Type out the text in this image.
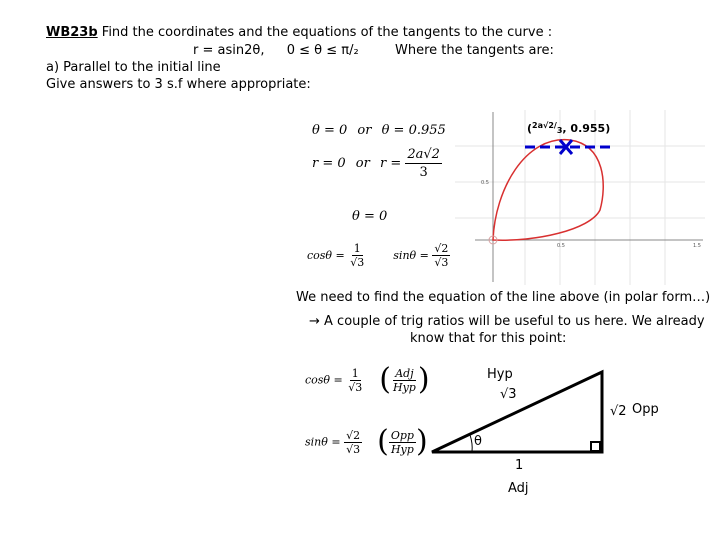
WB23b Find the coordinates and the equations of the tangents to the curve :
r = asin2θ, 0 ≤ θ ≤ π/₂	Where the tangents are:
a) Parallel to the initial line
Give answers to 3 s.f where appropriate:
θ = 0 or θ = 0.955
r = 0 or $r = \frac{2a√2}{3}$
θ = 0
$\cos\theta = \frac{1}{√3}$ $\sin\theta = \frac{√2}{√3}$
0.5
0.5	1.5
($^{2a√2/}$3, 0.955)
We need to find the equation of the line above (in polar form…)
→ A couple of trig ratios will be useful to us here. We already
know that for this point:
$\cos\theta = \frac{1}{√3}$ ( $\frac{\text{Adj}}{\text{Hyp}}$ )
$\sin\theta = \frac{√2}{√3}$ ( $\frac{\text{Opp}}{\text{Hyp}}$ )
Hyp
√3
√2 Opp
θ
1
Adj
